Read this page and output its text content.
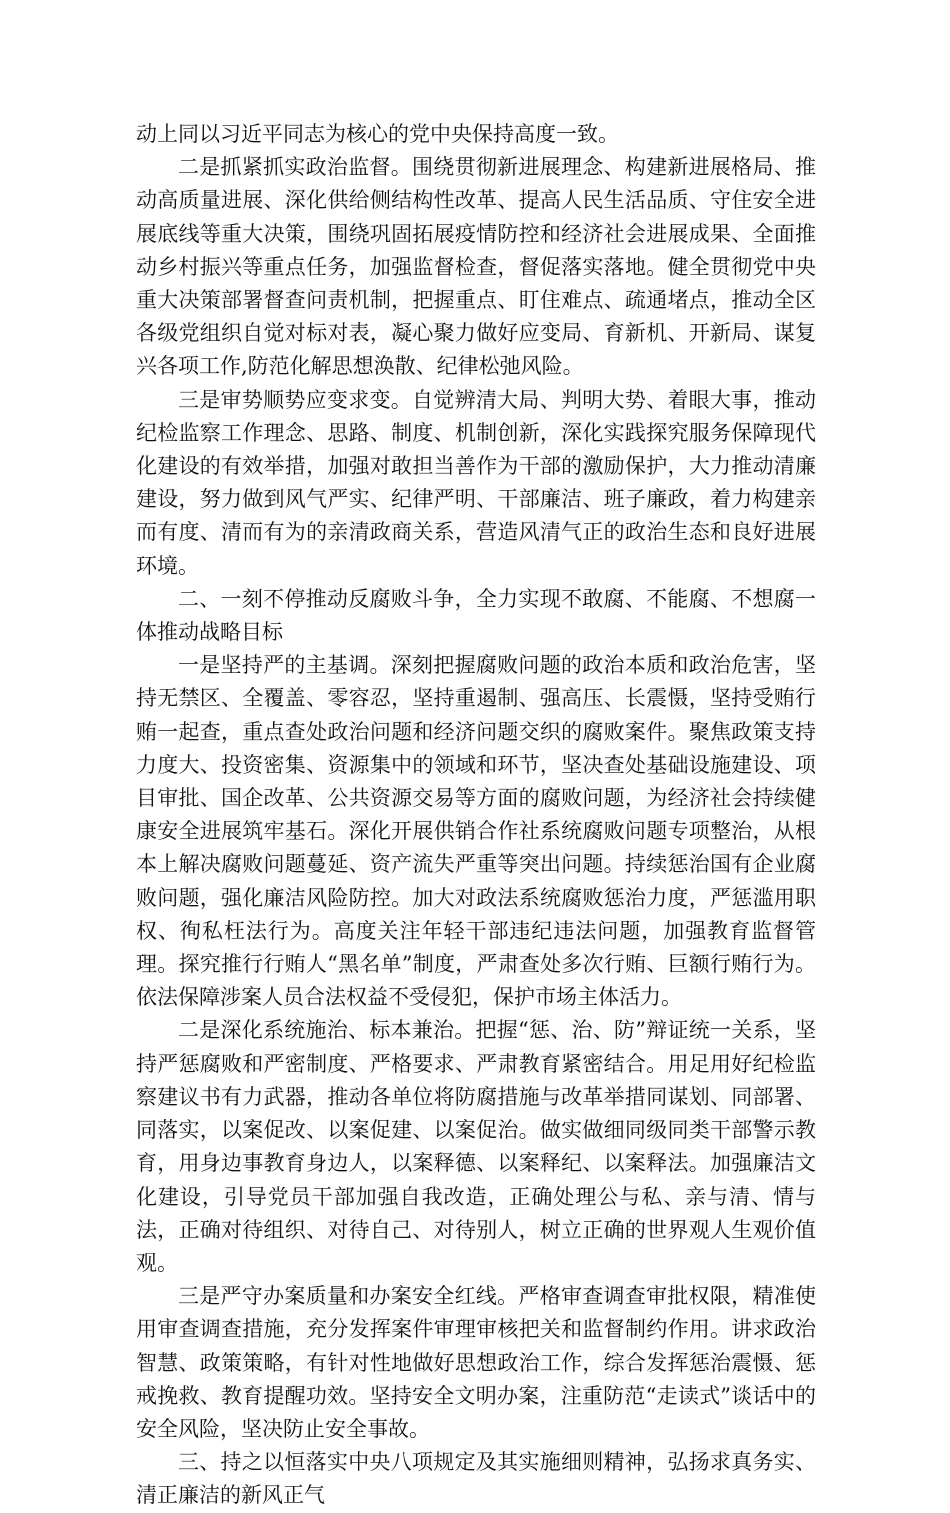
动上同以习近平同志为核心的党中央保持高度一致。

二是抓紧抓实政治监督。围绕贯彻新进展理念、构建新进展格局、推动高质量进展、深化供给侧结构性改革、提高人民生活品质、守住安全进展底线等重大决策，围绕巩固拓展疫情防控和经济社会进展成果、全面推动乡村振兴等重点任务，加强监督检查，督促落实落地。健全贯彻党中央重大决策部署督查问责机制，把握重点、盯住难点、疏通堵点，推动全区各级党组织自觉对标对表，凝心聚力做好应变局、育新机、开新局、谋复兴各项工作,防范化解思想涣散、纪律松弛风险。

三是审势顺势应变求变。自觉辨清大局、判明大势、着眼大事，推动纪检监察工作理念、思路、制度、机制创新，深化实践探究服务保障现代化建设的有效举措，加强对敢担当善作为干部的激励保护，大力推动清廉建设，努力做到风气严实、纪律严明、干部廉洁、班子廉政，着力构建亲而有度、清而有为的亲清政商关系，营造风清气正的政治生态和良好进展环境。

二、一刻不停推动反腐败斗争，全力实现不敢腐、不能腐、不想腐一体推动战略目标

一是坚持严的主基调。深刻把握腐败问题的政治本质和政治危害，坚持无禁区、全覆盖、零容忍，坚持重遏制、强高压、长震慑，坚持受贿行贿一起查，重点查处政治问题和经济问题交织的腐败案件。聚焦政策支持力度大、投资密集、资源集中的领域和环节，坚决查处基础设施建设、项目审批、国企改革、公共资源交易等方面的腐败问题，为经济社会持续健康安全进展筑牢基石。深化开展供销合作社系统腐败问题专项整治，从根本上解决腐败问题蔓延、资产流失严重等突出问题。持续惩治国有企业腐败问题，强化廉洁风险防控。加大对政法系统腐败惩治力度，严惩滥用职权、徇私枉法行为。高度关注年轻干部违纪违法问题，加强教育监督管理。探究推行行贿人“黑名单”制度，严肃查处多次行贿、巨额行贿行为。依法保障涉案人员合法权益不受侵犯，保护市场主体活力。

二是深化系统施治、标本兼治。把握“惩、治、防”辩证统一关系，坚持严惩腐败和严密制度、严格要求、严肃教育紧密结合。用足用好纪检监察建议书有力武器，推动各单位将防腐措施与改革举措同谋划、同部署、同落实，以案促改、以案促建、以案促治。做实做细同级同类干部警示教育，用身边事教育身边人，以案释德、以案释纪、以案释法。加强廉洁文化建设，引导党员干部加强自我改造，正确处理公与私、亲与清、情与法，正确对待组织、对待自己、对待别人，树立正确的世界观人生观价值观。

三是严守办案质量和办案安全红线。严格审查调查审批权限，精准使用审查调查措施，充分发挥案件审理审核把关和监督制约作用。讲求政治智慧、政策策略，有针对性地做好思想政治工作，综合发挥惩治震慑、惩戒挽救、教育提醒功效。坚持安全文明办案，注重防范“走读式”谈话中的安全风险，坚决防止安全事故。

三、持之以恒落实中央八项规定及其实施细则精神，弘扬求真务实、清正廉洁的新风正气
